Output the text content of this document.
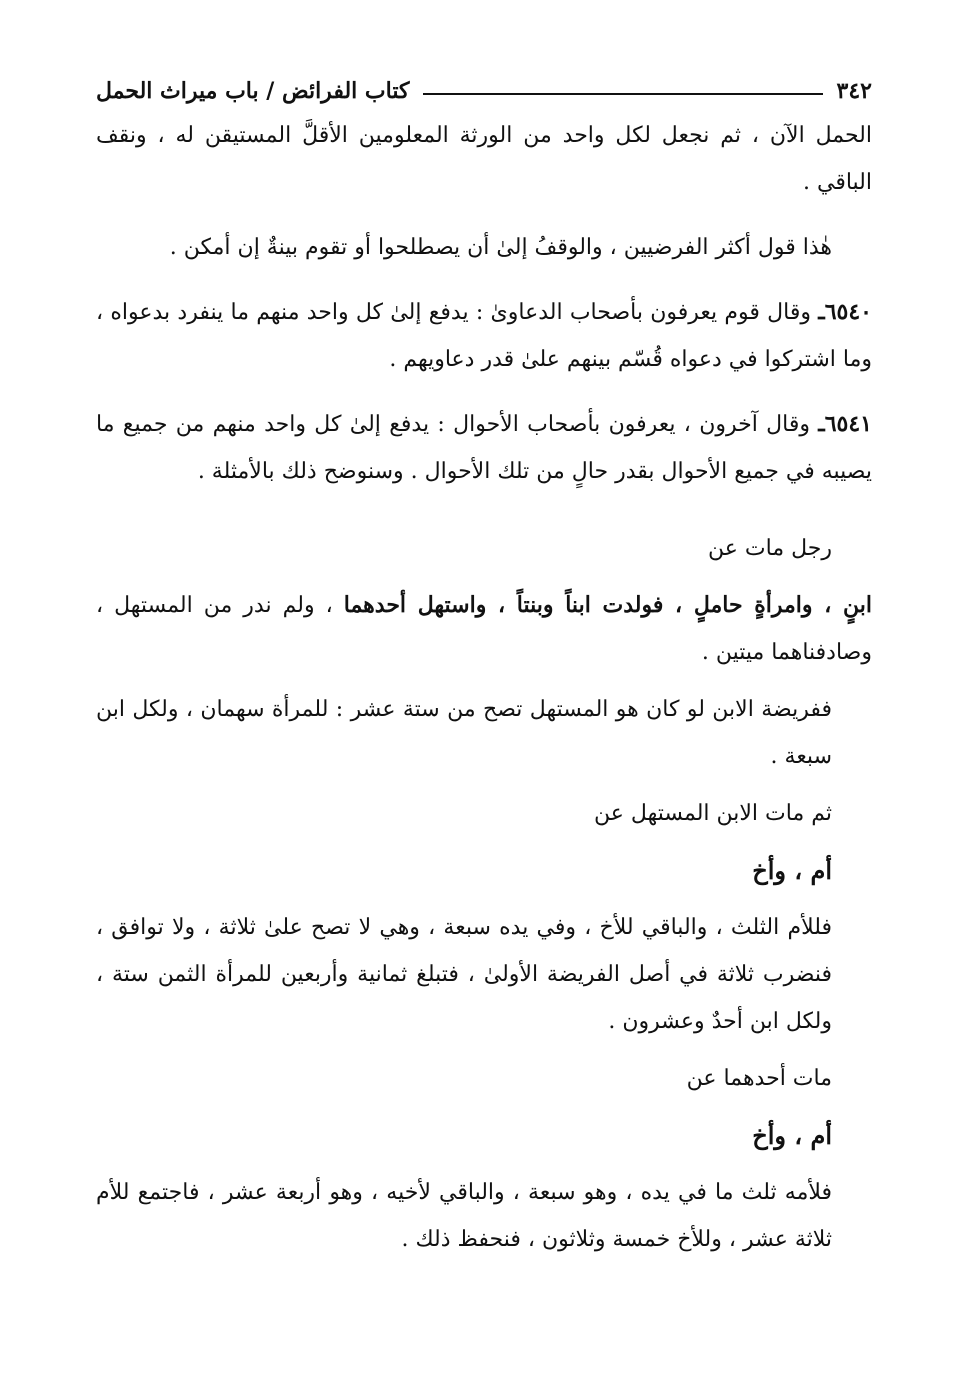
٣٤٢
كتاب الفرائض / باب ميراث الحمل

الحمل الآن ، ثم نجعل لكل واحد من الورثة المعلومين الأقلَّ المستيقن له ، ونقف الباقي .

هٰذا قول أكثر الفرضيين ، والوقفُ إلىٰ أن يصطلحوا أو تقوم بينةٌ إن أمكن .

٦٥٤٠ـ وقال قوم يعرفون بأصحاب الدعاوىٰ : يدفع إلىٰ كل واحد منهم ما ينفرد بدعواه ، وما اشتركوا في دعواه قُسّم بينهم علىٰ قدر دعاويهم .

٦٥٤١ـ وقال آخرون ، يعرفون بأصحاب الأحوال : يدفع إلىٰ كل واحد منهم من جميع ما يصيبه في جميع الأحوال بقدر حالٍ من تلك الأحوال . وسنوضح ذلك بالأمثلة .

رجل مات عن

ابنٍ ، وامرأةٍ حاملٍ ، فولدت ابناً وبنتاً ، واستهل أحدهما ، ولم ندر من المستهل ، وصادفناهما ميتين .

ففريضة الابن لو كان هو المستهل تصح من ستة عشر : للمرأة سهمان ، ولكل ابن سبعة .

ثم مات الابن المستهل عن
أم ، وأخ

فللأم الثلث ، والباقي للأخ ، وفي يده سبعة ، وهي لا تصح علىٰ ثلاثة ، ولا توافق ، فنضرب ثلاثة في أصل الفريضة الأولىٰ ، فتبلغ ثمانية وأربعين للمرأة الثمن ستة ، ولكل ابن أحدٌ وعشرون .

مات أحدهما عن
أم ، وأخ

فلأمه ثلث ما في يده ، وهو سبعة ، والباقي لأخيه ، وهو أربعة عشر ، فاجتمع للأم ثلاثة عشر ، وللأخ خمسة وثلاثون ، فنحفظ ذلك .
